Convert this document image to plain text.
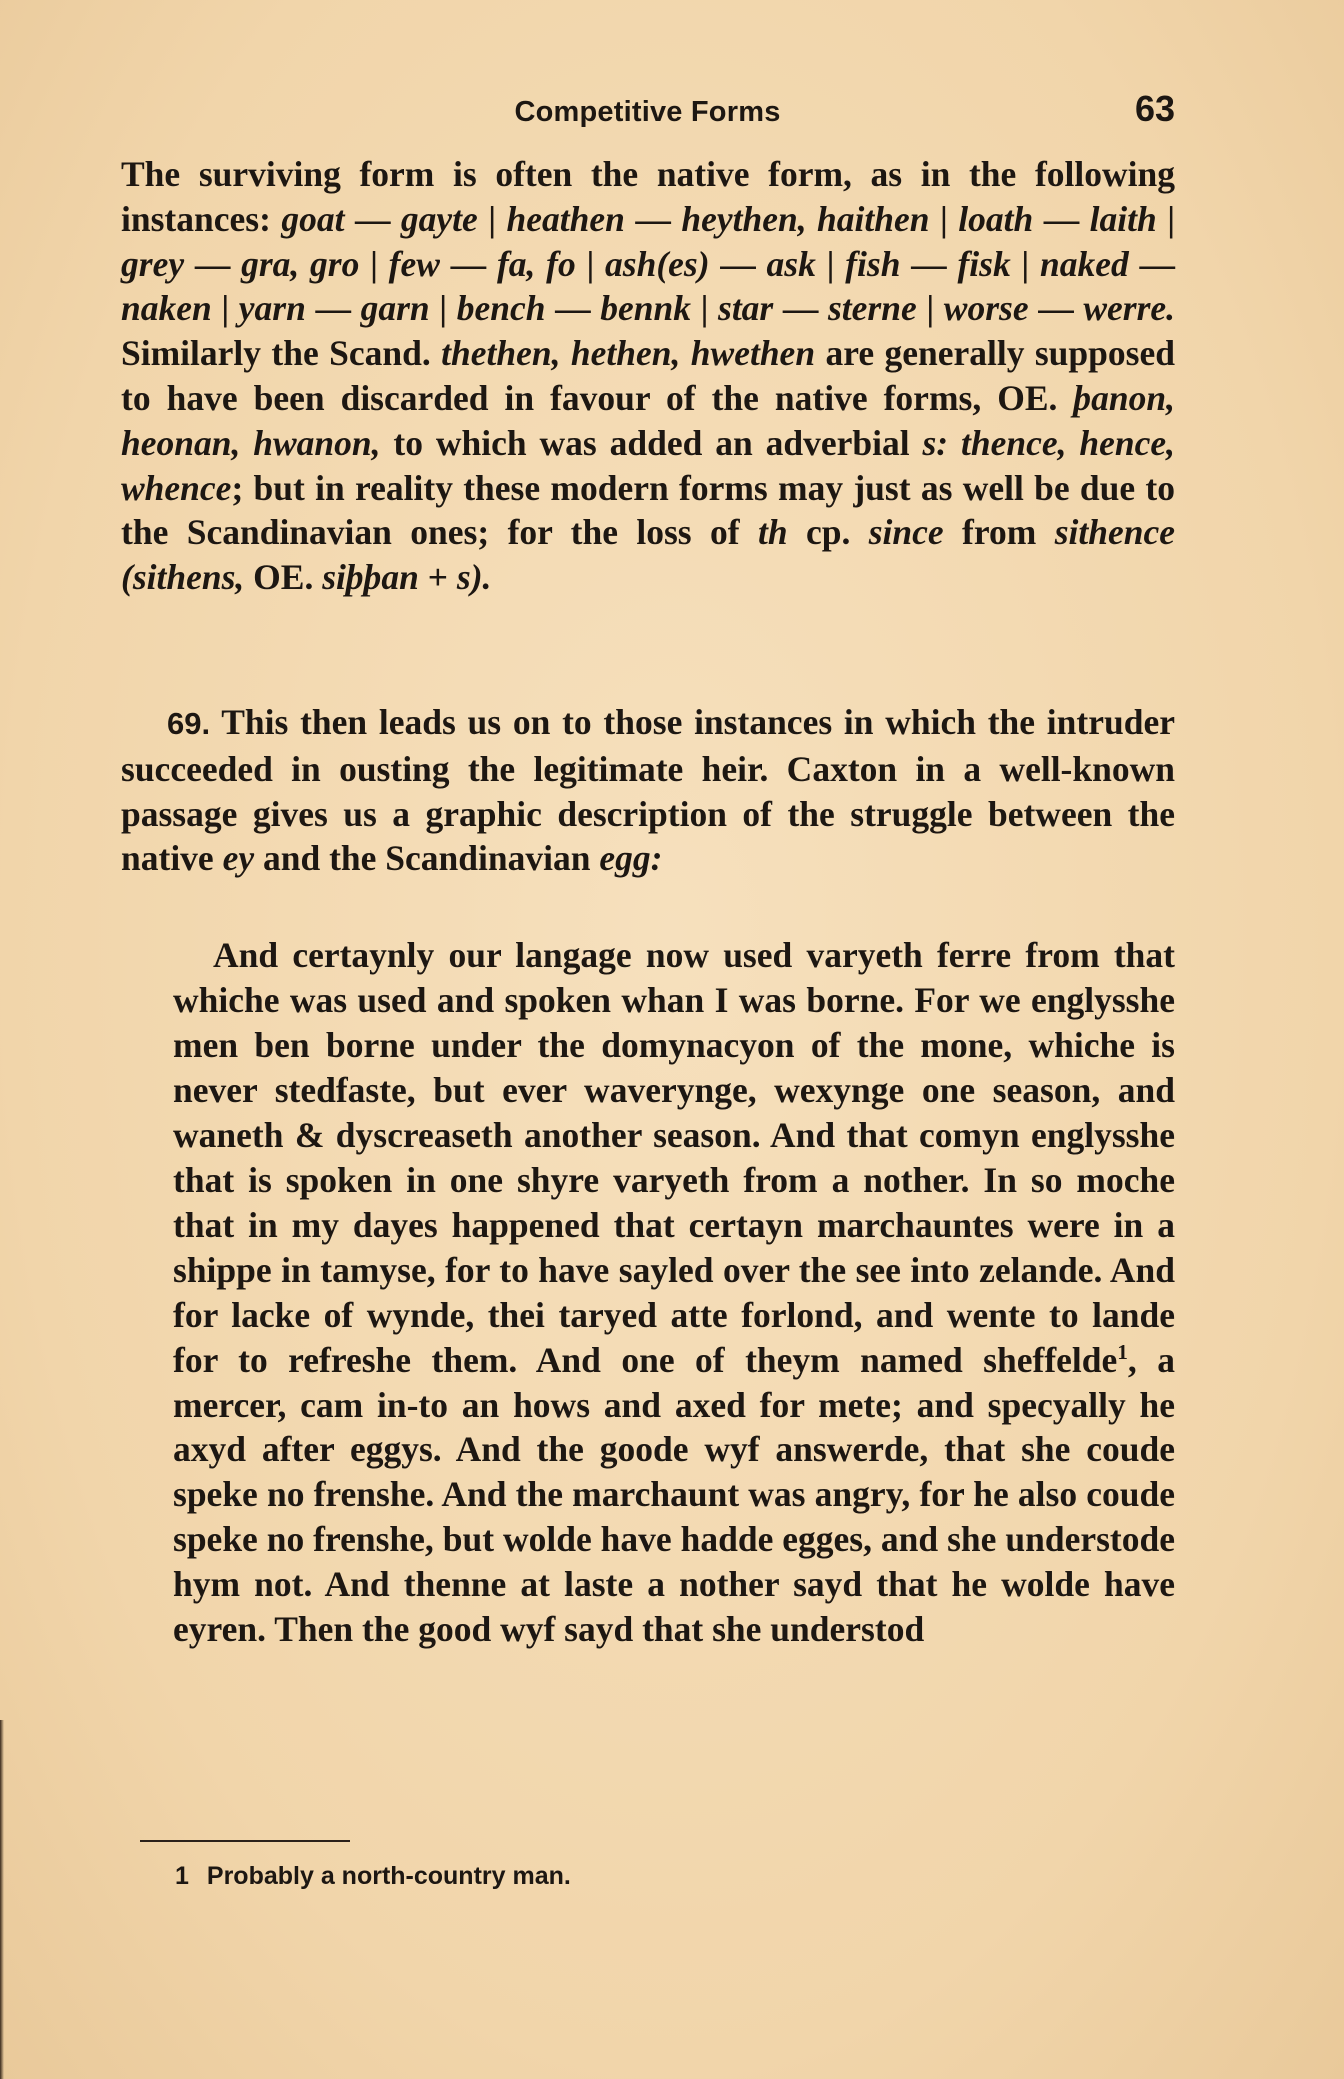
Competitive Forms	63

The surviving form is often the native form, as in the following instances: goat — gayte | heathen — heythen, haithen | loath — laith | grey — gra, gro | few — fa, fo | ash(es) — ask | fish — fisk | naked — naken | yarn — garn | bench — bennk | star — sterne | worse — werre. Similarly the Scand. thethen, hethen, hwethen are generally supposed to have been discarded in favour of the native forms, OE. þanon, heonan, hwanon, to which was added an adverbial s: thence, hence, whence; but in reality these modern forms may just as well be due to the Scandinavian ones; for the loss of th cp. since from sithence (sithens, OE. siþþan + s).

69. This then leads us on to those instances in which the intruder succeeded in ousting the legitimate heir. Caxton in a well-known passage gives us a graphic description of the struggle between the native ey and the Scandinavian egg:

And certaynly our langage now used varyeth ferre from that whiche was used and spoken whan I was borne. For we englysshe men ben borne under the domynacyon of the mone, whiche is never stedfaste, but ever waverynge, wexynge one season, and waneth & dyscreaseth another season. And that comyn englysshe that is spoken in one shyre varyeth from a nother. In so moche that in my dayes happened that certayn marchauntes were in a shippe in tamyse, for to have sayled over the see into zelande. And for lacke of wynde, thei taryed atte forlond, and wente to lande for to refreshe them. And one of theym named sheffelde$^1$, a mercer, cam in-to an hows and axed for mete; and specyally he axyd after eggys. And the goode wyf answerde, that she coude speke no frenshe. And the marchaunt was angry, for he also coude speke no frenshe, but wolde have hadde egges, and she understode hym not. And thenne at laste a nother sayd that he wolde have eyren. Then the good wyf sayd that she understod

1 Probably a north-country man.
